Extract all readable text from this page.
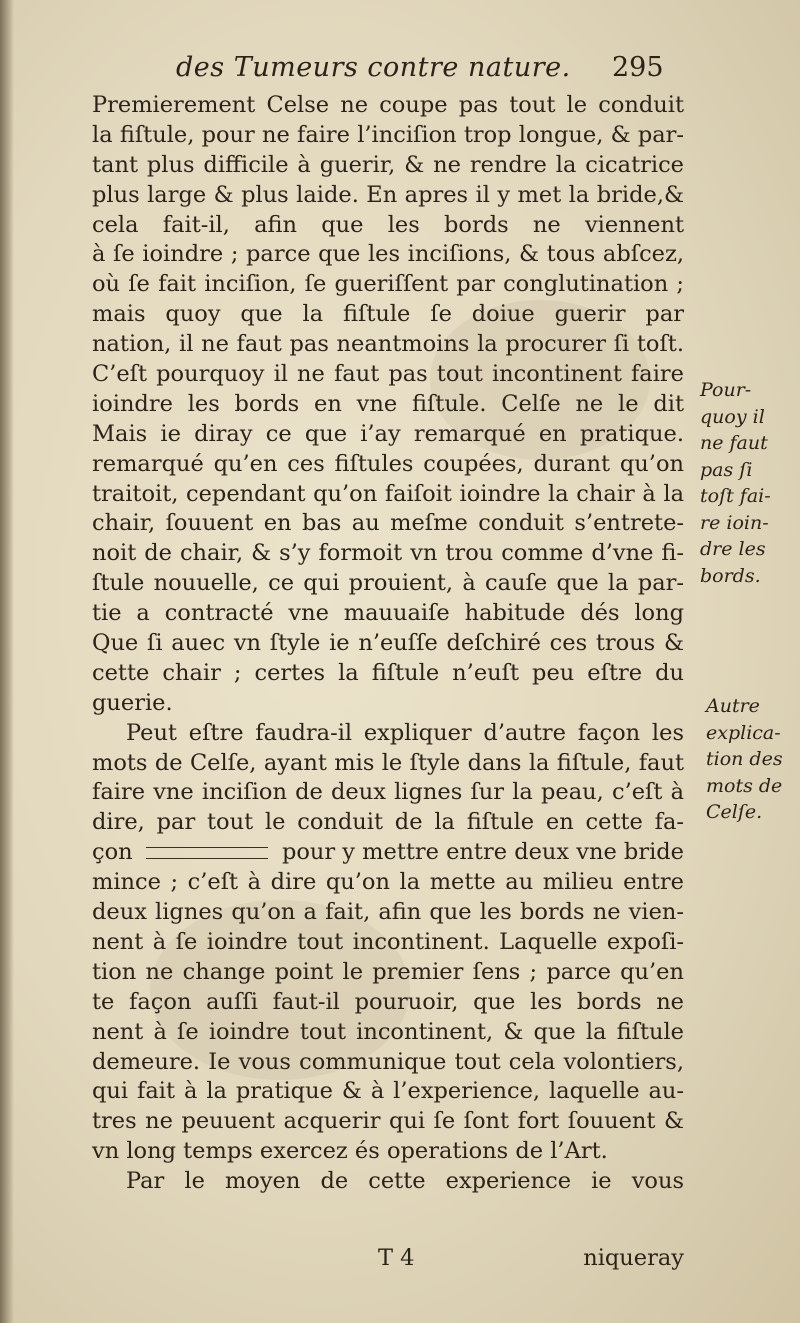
des Tumeurs contre nature. 295
Premierement Celse ne coupe pas tout le conduit
la fiſtule, pour ne faire l’inciſion trop longue, & par-
tant plus difficile à guerir, & ne rendre la cicatrice
plus large & plus laide. En apres il y met la bride,&
cela fait-il, afin que les bords ne viennent
à ſe ioindre ; parce que les inciſions, & tous abſcez,
où ſe fait inciſion, ſe gueriſſent par conglutination ;
mais quoy que la fiſtule ſe doiue guerir par
nation, il ne faut pas neantmoins la procurer ſi toſt.
C’eſt pourquoy il ne faut pas tout incontinent faire
ioindre les bords en vne fiſtule. Celſe ne le dit
Mais ie diray ce que i’ay remarqué en pratique.
remarqué qu’en ces fiſtules coupées, durant qu’on
traitoit, cependant qu’on faiſoit ioindre la chair à la
chair, ſouuent en bas au meſme conduit s’entrete-
noit de chair, & s’y formoit vn trou comme d’vne fi-
ſtule nouuelle, ce qui prouient, à cauſe que la par-
tie a contracté vne mauuaiſe habitude dés long
Que ſi auec vn ſtyle ie n’euſſe deſchiré ces trous &
cette chair ; certes la fiſtule n’euſt peu eſtre du
guerie.
Peut eſtre faudra-il expliquer d’autre façon les
mots de Celſe, ayant mis le ſtyle dans la fiſtule, faut
faire vne inciſion de deux lignes ſur la peau, c’eſt à
dire, par tout le conduit de la fiſtule en cette fa-
çon	pour y mettre entre deux vne bride
mince ; c’eſt à dire qu’on la mette au milieu entre
deux lignes qu’on a fait, afin que les bords ne vien-
nent à ſe ioindre tout incontinent. Laquelle expoſi-
tion ne change point le premier ſens ; parce qu’en
te façon auſſi faut-il pouruoir, que les bords ne
nent à ſe ioindre tout incontinent, & que la fiſtule
demeure. Ie vous communique tout cela volontiers,
qui fait à la pratique & à l’experience, laquelle au-
tres ne peuuent acquerir qui ſe ſont fort ſouuent &
vn long temps exercez és operations de l’Art.
Par le moyen de cette experience ie vous
Pour-
quoy il
ne faut
pas ſi
toſt fai-
re ioin-
dre les
bords.
Autre
explica-
tion des
mots de
Celſe.
T 4	niqueray
